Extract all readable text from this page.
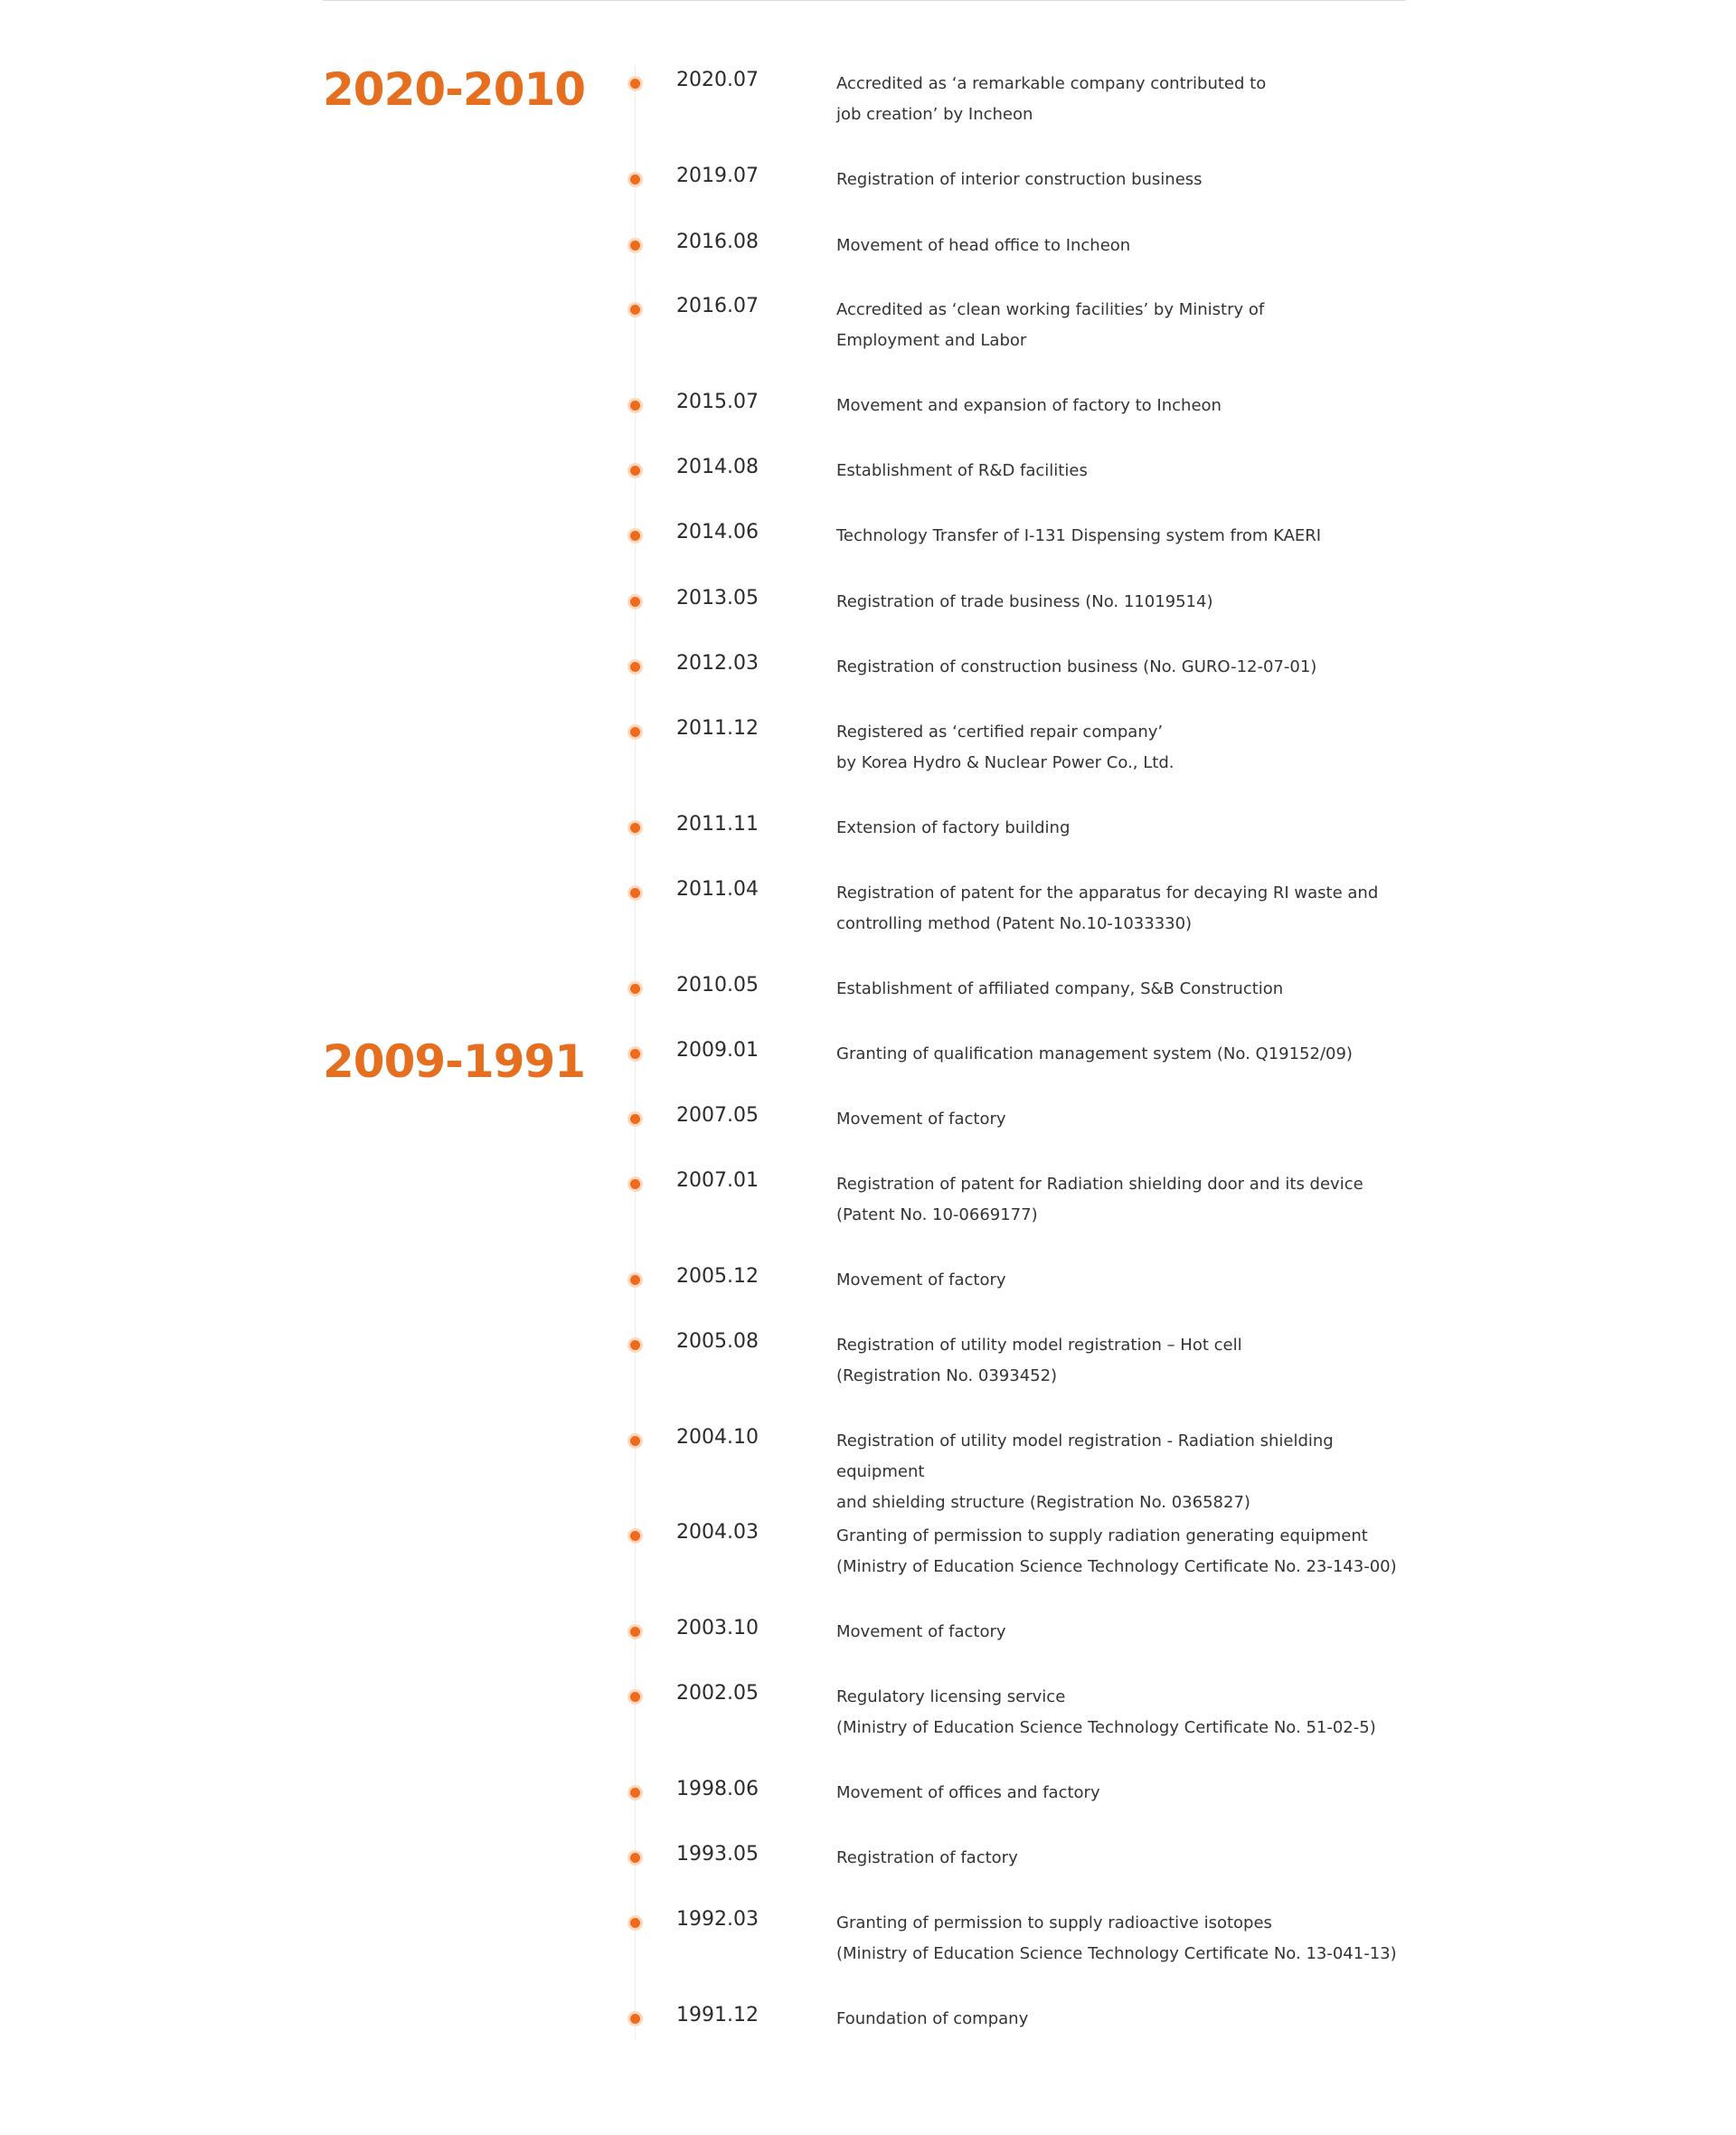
2020-2010
2009-1991
2020.07	Accredited as ‘a remarkable company contributed to
job creation’ by Incheon
2019.07	Registration of interior construction business
2016.08	Movement of head office to Incheon
2016.07	Accredited as ‘clean working facilities’ by Ministry of
Employment and Labor
2015.07	Movement and expansion of factory to Incheon
2014.08	Establishment of R&D facilities
2014.06	Technology Transfer of I-131 Dispensing system from KAERI
2013.05	Registration of trade business (No. 11019514)
2012.03	Registration of construction business (No. GURO-12-07-01)
2011.12	Registered as ‘certified repair company’
by Korea Hydro & Nuclear Power Co., Ltd.
2011.11	Extension of factory building
2011.04	Registration of patent for the apparatus for decaying RI waste and
controlling method (Patent No.10-1033330)
2010.05	Establishment of affiliated company, S&B Construction
2009.01	Granting of qualification management system (No. Q19152/09)
2007.05	Movement of factory
2007.01	Registration of patent for Radiation shielding door and its device
(Patent No. 10-0669177)
2005.12	Movement of factory
2005.08	Registration of utility model registration – Hot cell
(Registration No. 0393452)
2004.10	Registration of utility model registration - Radiation shielding equipment
and shielding structure (Registration No. 0365827)
2004.03	Granting of permission to supply radiation generating equipment
(Ministry of Education Science Technology Certificate No. 23-143-00)
2003.10	Movement of factory
2002.05	Regulatory licensing service
(Ministry of Education Science Technology Certificate No. 51-02-5)
1998.06	Movement of offices and factory
1993.05	Registration of factory
1992.03	Granting of permission to supply radioactive isotopes
(Ministry of Education Science Technology Certificate No. 13-041-13)
1991.12	Foundation of company
